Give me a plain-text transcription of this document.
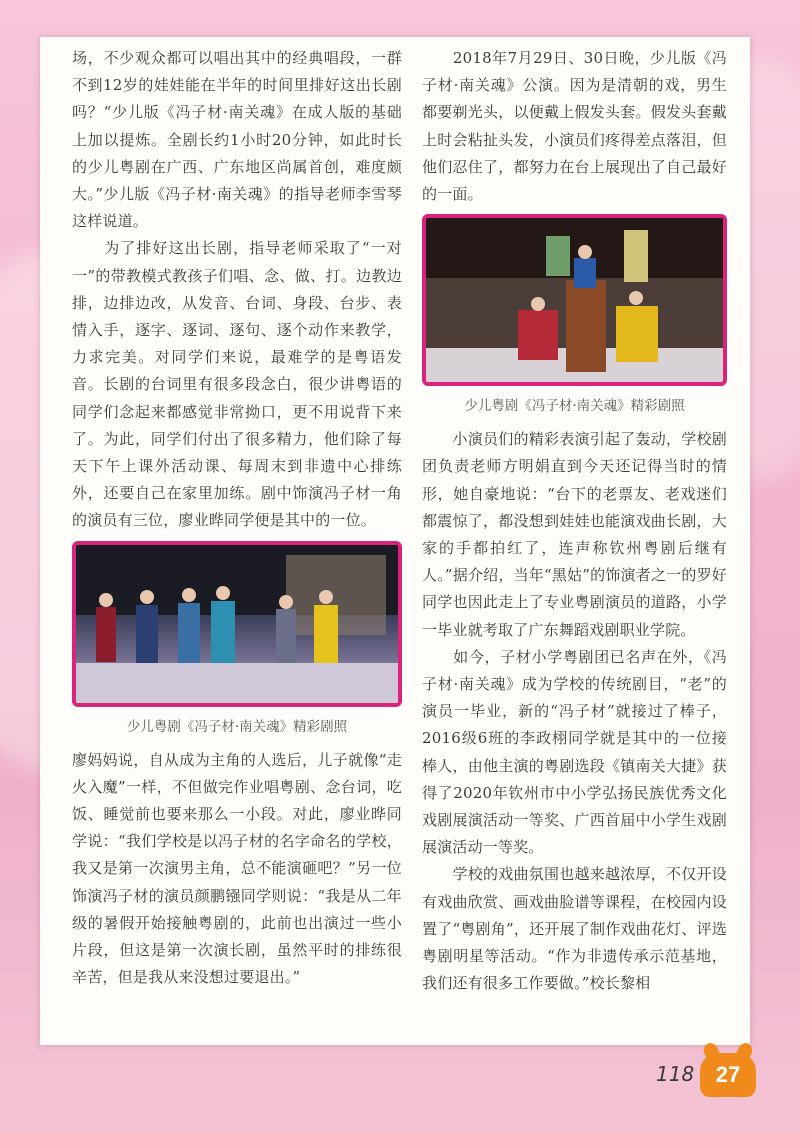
场，不少观众都可以唱出其中的经典唱段，一群不到12岁的娃娃能在半年的时间里排好这出长剧吗？“少儿版《冯子材·南关魂》在成人版的基础上加以提炼。全剧长约1小时20分钟，如此时长的少儿粤剧在广西、广东地区尚属首创，难度颇大。”少儿版《冯子材·南关魂》的指导老师李雪琴这样说道。

　　为了排好这出长剧，指导老师采取了“一对一”的带教模式教孩子们唱、念、做、打。边教边排，边排边改，从发音、台词、身段、台步、表情入手，逐字、逐词、逐句、逐个动作来教学，力求完美。对同学们来说，最难学的是粤语发音。长剧的台词里有很多段念白，很少讲粤语的同学们念起来都感觉非常拗口，更不用说背下来了。为此，同学们付出了很多精力，他们除了每天下午上课外活动课、每周末到非遗中心排练外，还要自己在家里加练。剧中饰演冯子材一角的演员有三位，廖业晔同学便是其中的一位。

少儿粤剧《冯子材·南关魂》精彩剧照

廖妈妈说，自从成为主角的人选后，儿子就像“走火入魔”一样，不但做完作业唱粤剧、念台词，吃饭、睡觉前也要来那么一小段。对此，廖业晔同学说：“我们学校是以冯子材的名字命名的学校，我又是第一次演男主角，总不能演砸吧？”另一位饰演冯子材的演员颜鹏镪同学则说：“我是从二年级的暑假开始接触粤剧的，此前也出演过一些小片段，但这是第一次演长剧，虽然平时的排练很辛苦，但是我从来没想过要退出。”

　　2018年7月29日、30日晚，少儿版《冯子材·南关魂》公演。因为是清朝的戏，男生都要剃光头，以便戴上假发头套。假发头套戴上时会粘扯头发，小演员们疼得差点落泪，但他们忍住了，都努力在台上展现出了自己最好的一面。

少儿粤剧《冯子材·南关魂》精彩剧照

　　小演员们的精彩表演引起了轰动，学校剧团负责老师方明娟直到今天还记得当时的情形，她自豪地说：“台下的老票友、老戏迷们都震惊了，都没想到娃娃也能演戏曲长剧，大家的手都拍红了，连声称钦州粤剧后继有人。”据介绍，当年“黑姑”的饰演者之一的罗好同学也因此走上了专业粤剧演员的道路，小学一毕业就考取了广东舞蹈戏剧职业学院。

　　如今，子材小学粤剧团已名声在外，《冯子材·南关魂》成为学校的传统剧目，“老”的演员一毕业，新的“冯子材”就接过了棒子，2016级6班的李政栩同学就是其中的一位接棒人，由他主演的粤剧选段《镇南关大捷》获得了2020年钦州市中小学弘扬民族优秀文化戏剧展演活动一等奖、广西首届中小学生戏剧展演活动一等奖。

　　学校的戏曲氛围也越来越浓厚，不仅开设有戏曲欣赏、画戏曲脸谱等课程，在校园内设置了“粤剧角”，还开展了制作戏曲花灯、评选粤剧明星等活动。“作为非遗传承示范基地，我们还有很多工作要做。”校长黎相

118 27
